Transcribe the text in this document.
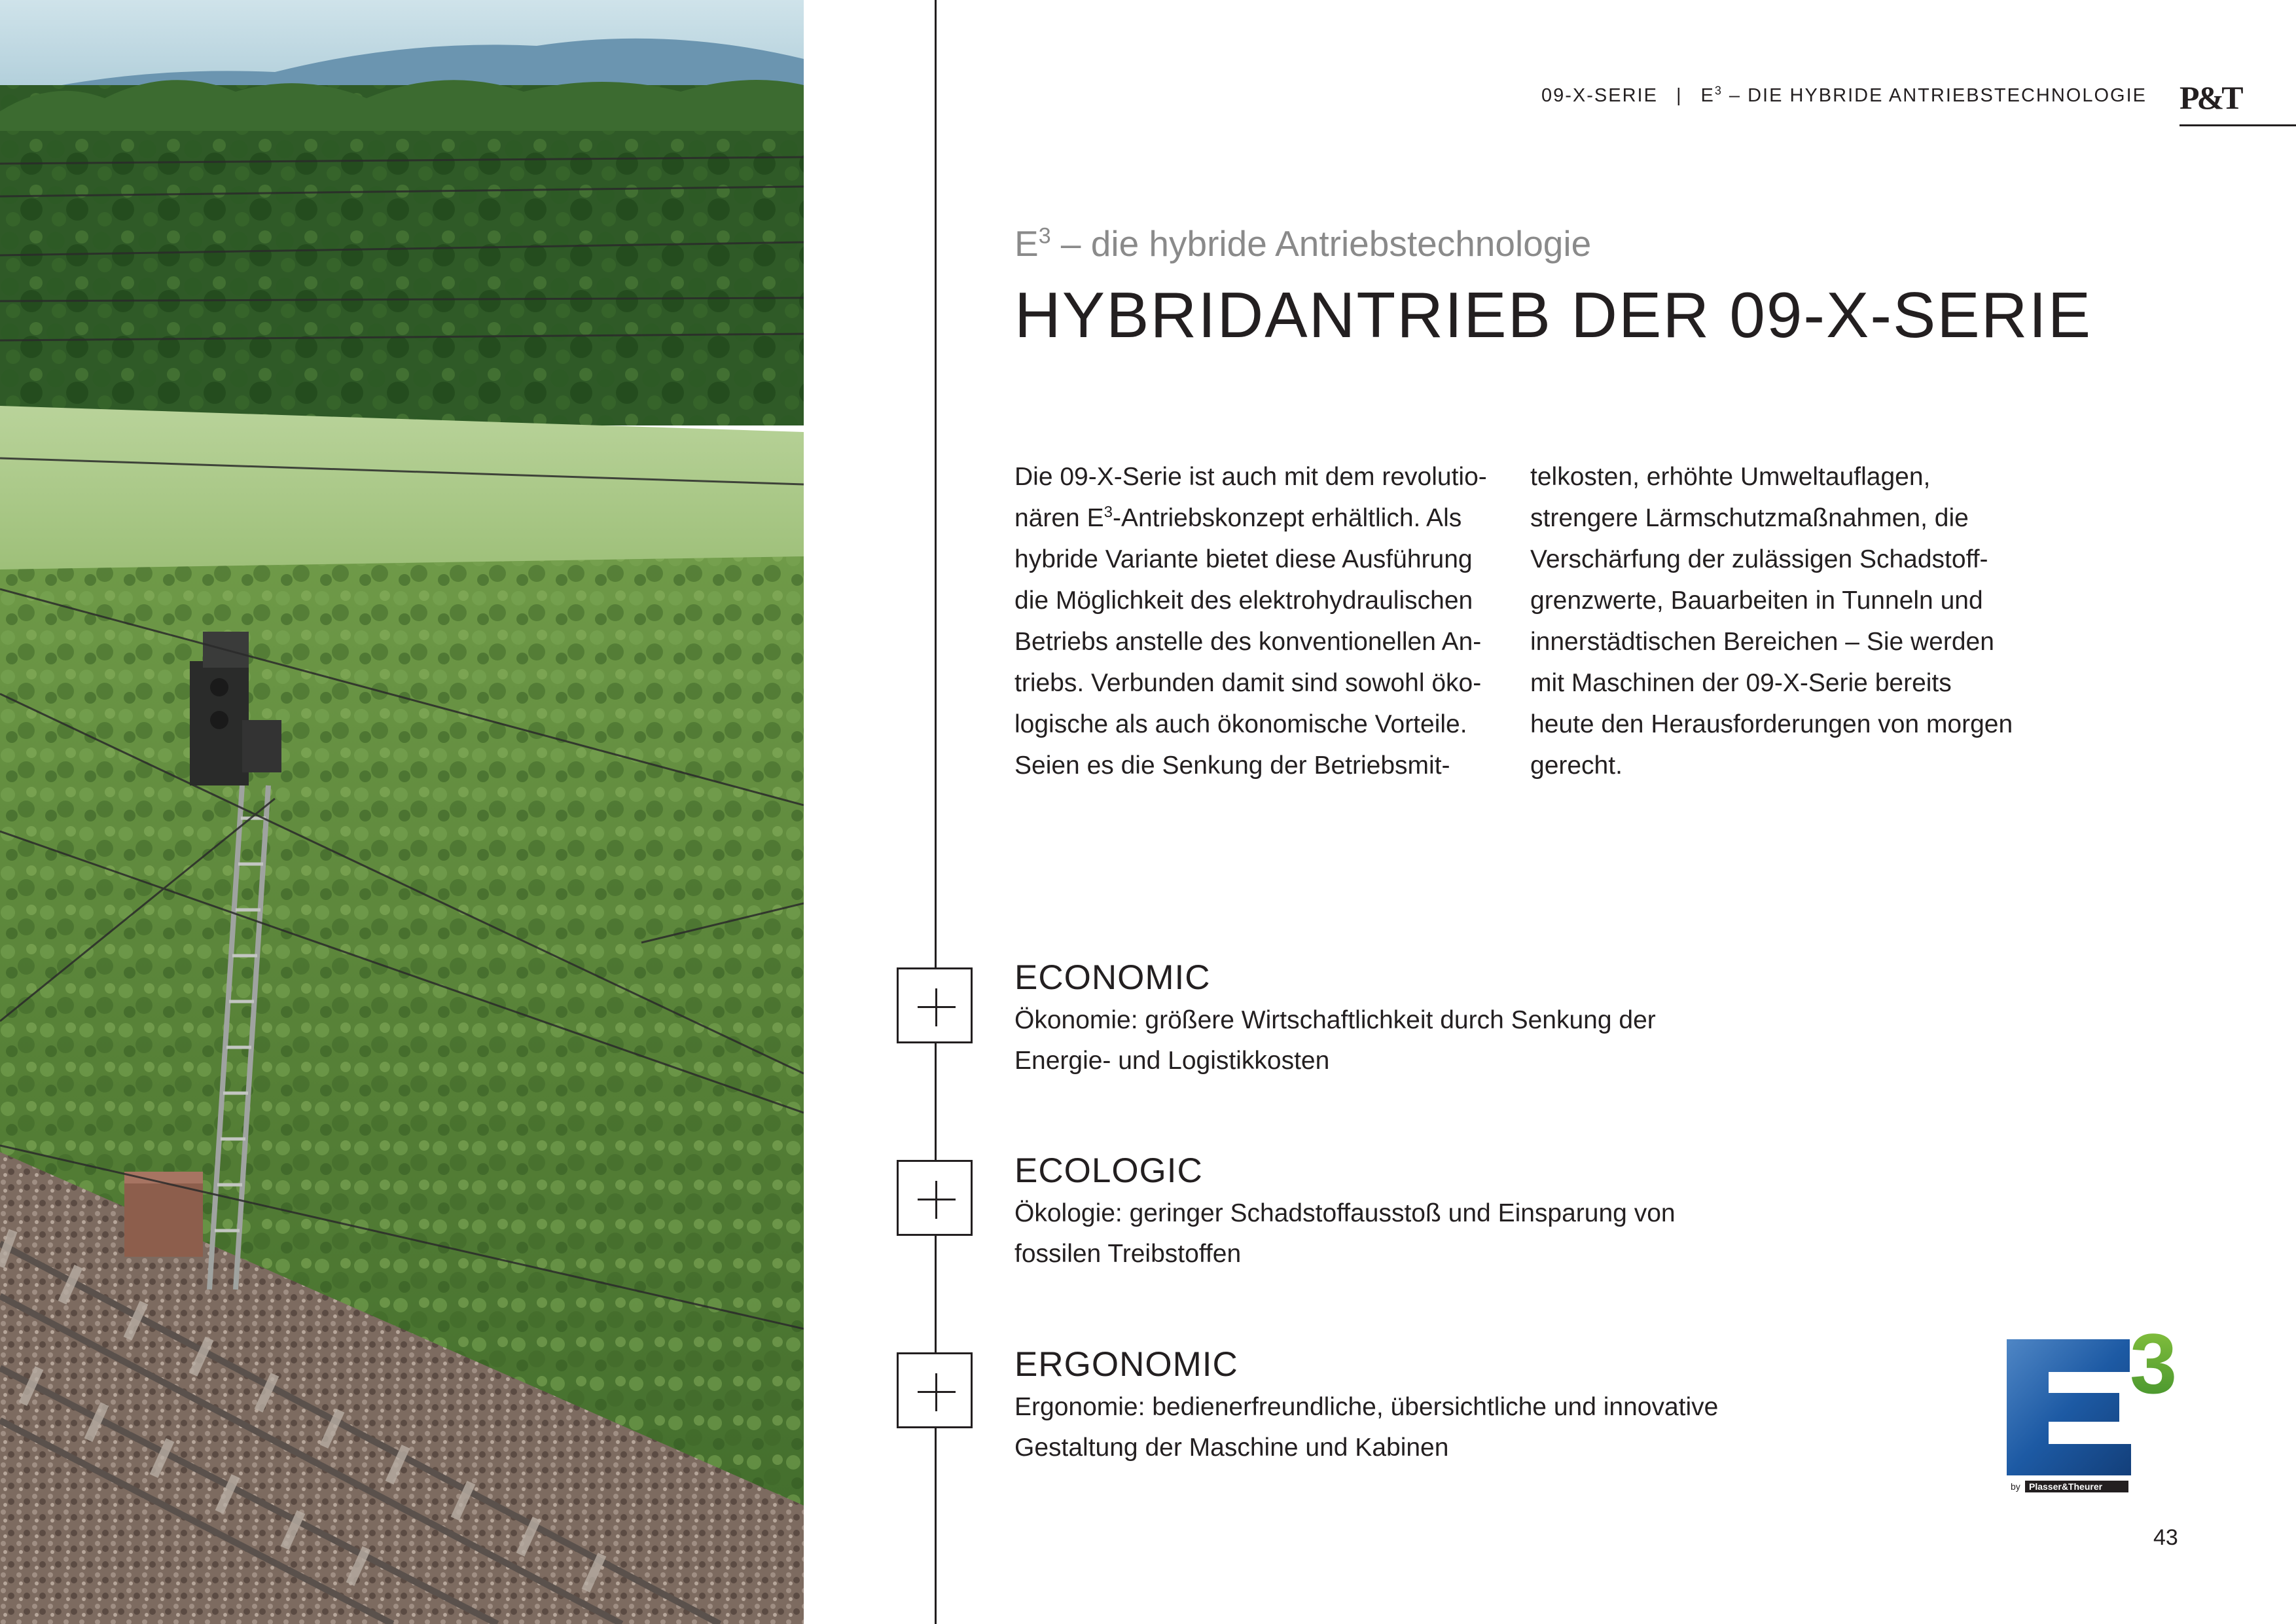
09-X-SERIE | $E^3$ – DIE HYBRIDE ANTRIEBSTECHNOLOGIE P&T
$E^3$ – die hybride Antriebstechnologie
HYBRIDANTRIEB DER 09-X-SERIE
Die 09-X-Serie ist auch mit dem revolutio-
nären $E^3$-Antriebskonzept erhältlich. Als
hybride Variante bietet diese Ausführung
die Möglichkeit des elektrohydraulischen
Betriebs anstelle des konventionellen An-
triebs. Verbunden damit sind sowohl öko-
logische als auch ökonomische Vorteile.
Seien es die Senkung der Betriebsmit-
telkosten, erhöhte Umweltauflagen,
strengere Lärmschutzmaßnahmen, die
Verschärfung der zulässigen Schadstoff-
grenzwerte, Bauarbeiten in Tunneln und
innerstädtischen Bereichen – Sie werden
mit Maschinen der 09-X-Serie bereits
heute den Herausforderungen von morgen
gerecht.
ECONOMIC
Ökonomie: größere Wirtschaftlichkeit durch Senkung der
Energie- und Logistikkosten
ECOLOGIC
Ökologie: geringer Schadstoffausstoß und Einsparung von
fossilen Treibstoffen
ERGONOMIC
Ergonomie: bedienerfreundliche, übersichtliche und innovative
Gestaltung der Maschine und Kabinen
3
by Plasser&Theurer
43
